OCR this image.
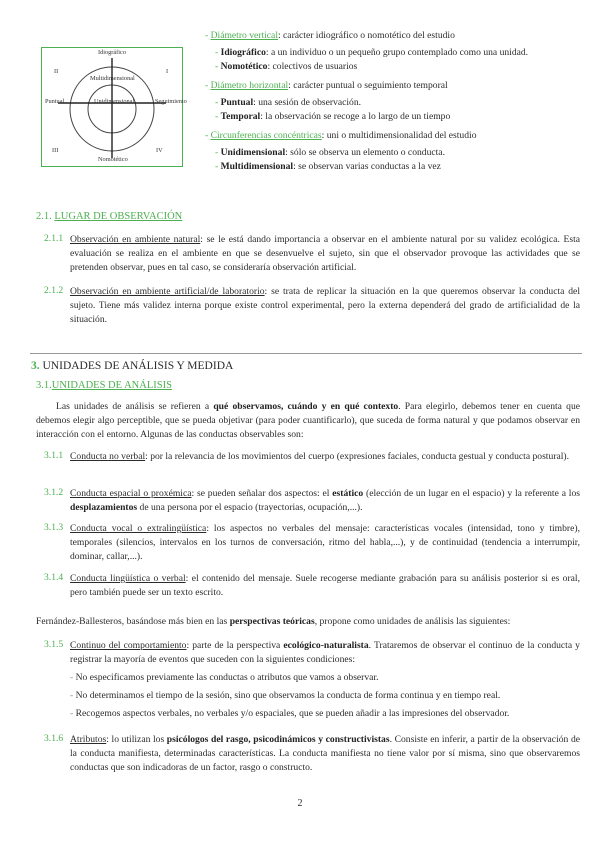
Idiográfico
Nomotético
Puntual	Seguimiento
Multidimensional
Unidimensional
II	I
III	IV

- Diámetro vertical: carácter idiográfico o nomotético del estudio

- Idiográfico: a un individuo o un pequeño grupo contemplado como una unidad.

- Nomotético: colectivos de usuarios

- Diámetro horizontal: carácter puntual o seguimiento temporal

- Puntual: una sesión de observación.

- Temporal: la observación se recoge a lo largo de un tiempo

- Circunferencias concéntricas: uni o multidimensionalidad del estudio

- Unidimensional: sólo se observa un elemento o conducta.

- Multidimensional: se observan varias conductas a la vez

2.1. LUGAR DE OBSERVACIÓN
2.1.1 Observación en ambiente natural: se le está dando importancia a observar en el ambiente natural por su validez ecológica. Esta evaluación se realiza en el ambiente en que se desenvuelve el sujeto, sin que el observador provoque las actividades que se pretenden observar, pues en tal caso, se consideraría observación artificial.

2.1.2 Observación en ambiente artificial/de laboratorio: se trata de replicar la situación en la que queremos observar la conducta del sujeto. Tiene más validez interna porque existe control experimental, pero la externa dependerá del grado de artificialidad de la situación.

3. UNIDADES DE ANÁLISIS Y MEDIDA
3.1.UNIDADES DE ANÁLISIS

Las unidades de análisis se refieren a qué observamos, cuándo y en qué contexto. Para elegirlo, debemos tener en cuenta que debemos elegir algo perceptible, que se pueda objetivar (para poder cuantificarlo), que suceda de forma natural y que podamos observar en interacción con el entorno. Algunas de las conductas observables son:

3.1.1 Conducta no verbal: por la relevancia de los movimientos del cuerpo (expresiones faciales, conducta gestual y conducta postural).

3.1.2 Conducta espacial o proxémica: se pueden señalar dos aspectos: el estático (elección de un lugar en el espacio) y la referente a los desplazamientos de una persona por el espacio (trayectorias, ocupación,...).

3.1.3 Conducta vocal o extralingüística: los aspectos no verbales del mensaje: características vocales (intensidad, tono y timbre), temporales (silencios, intervalos en los turnos de conversación, ritmo del habla,...), y de continuidad (tendencia a interrumpir, dominar, callar,...).

3.1.4 Conducta lingüística o verbal: el contenido del mensaje. Suele recogerse mediante grabación para su análisis posterior si es oral, pero también puede ser un texto escrito.

Fernández-Ballesteros, basándose más bien en las perspectivas teóricas, propone como unidades de análisis las siguientes:

3.1.5 Continuo del comportamiento: parte de la perspectiva ecológico-naturalista. Trataremos de observar el continuo de la conducta y registrar la mayoría de eventos que suceden con la siguientes condiciones:

- No especificamos previamente las conductas o atributos que vamos a observar.

- No determinamos el tiempo de la sesión, sino que observamos la conducta de forma continua y en tiempo real.

- Recogemos aspectos verbales, no verbales y/o espaciales, que se pueden añadir a las impresiones del observador.

3.1.6 Atributos: lo utilizan los psicólogos del rasgo, psicodinámicos y constructivistas. Consiste en inferir, a partir de la observación de la conducta manifiesta, determinadas características. La conducta manifiesta no tiene valor por sí misma, sino que observaremos conductas que son indicadoras de un factor, rasgo o constructo.

2
